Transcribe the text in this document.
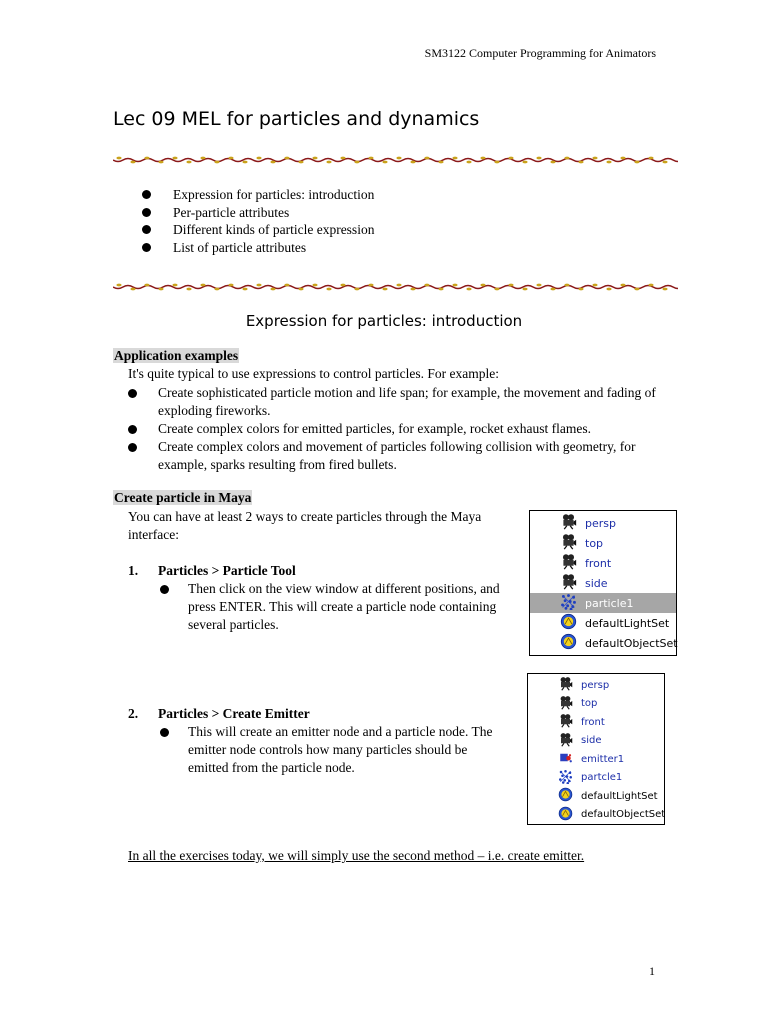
SM3122 Computer Programming for Animators
Lec 09 MEL for particles and dynamics
Expression for particles: introduction
Per-particle attributes
Different kinds of particle expression
List of particle attributes
Expression for particles: introduction
Application examples
It's quite typical to use expressions to control particles. For example:
Create sophisticated particle motion and life span; for example, the movement and fading of exploding fireworks.
Create complex colors for emitted particles, for example, rocket exhaust flames.
Create complex colors and movement of particles following collision with geometry, for example, sparks resulting from fired bullets.
Create particle in Maya
You can have at least 2 ways to create particles through the Maya interface:
1. Particles > Particle Tool
Then click on the view window at different positions, and press ENTER. This will create a particle node containing several particles.
2. Particles > Create Emitter
This will create an emitter node and a particle node. The emitter node controls how many particles should be emitted from the particle node.
persp
top
front
side
particle1
defaultLightSet
defaultObjectSet
persp
top
front
side
emitter1
partcle1
defaultLightSet
defaultObjectSet
In all the exercises today, we will simply use the second method – i.e. create emitter.
1
